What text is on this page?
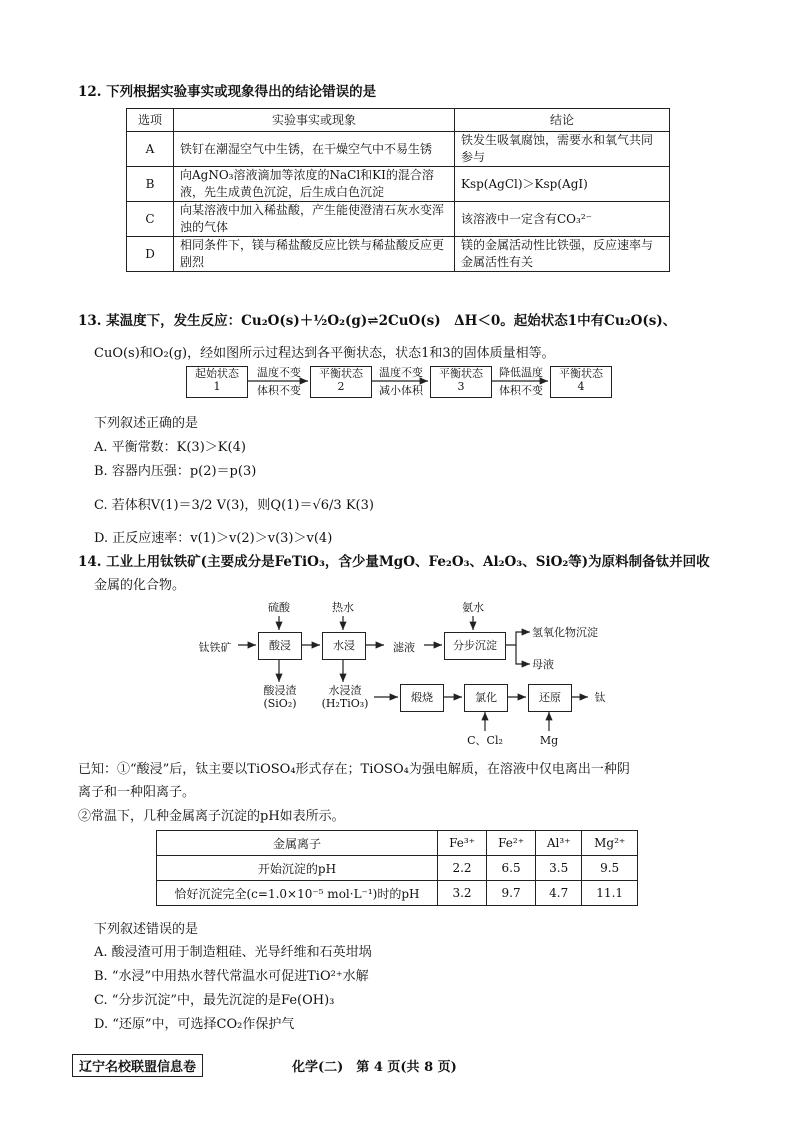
12. 下列根据实验事实或现象得出的结论错误的是
选项	实验事实或现象	结论
A	铁钉在潮湿空气中生锈，在干燥空气中不易生锈	铁发生吸氧腐蚀，需要水和氧气共同参与
B	向AgNO₃溶液滴加等浓度的NaCl和KI的混合溶液，先生成黄色沉淀，后生成白色沉淀	Ksp(AgCl)＞Ksp(AgI)
C	向某溶液中加入稀盐酸，产生能使澄清石灰水变浑浊的气体	该溶液中一定含有CO₃²⁻
D	相同条件下，镁与稀盐酸反应比铁与稀盐酸反应更剧烈	镁的金属活动性比铁强，反应速率与金属活性有关
13. 某温度下，发生反应：Cu₂O(s)＋½O₂(g)⇌2CuO(s)　ΔH＜0。起始状态1中有Cu₂O(s)、
CuO(s)和O₂(g)，经如图所示过程达到各平衡状态，状态1和3的固体质量相等。
起始状态
1
温度不变
体积不变
平衡状态
2
温度不变
减小体积
平衡状态
3
降低温度
体积不变
平衡状态
4
下列叙述正确的是
A. 平衡常数：K(3)＞K(4)
B. 容器内压强：p(2)＝p(3)
C. 若体积V(1)＝3/2 V(3)，则Q(1)＝√6/3 K(3)
D. 正反应速率：v(1)＞v(2)＞v(3)＞v(4)
14. 工业上用钛铁矿(主要成分是FeTiO₃，含少量MgO、Fe₂O₃、Al₂O₃、SiO₂等)为原料制备钛并回收
金属的化合物。
硫酸	热水	氨水
钛铁矿	酸浸	水浸	滤液	分步沉淀
氢氧化物沉淀
母液
酸浸渣
(SiO₂)
水浸渣
(H₂TiO₃)	煅烧	氯化	还原	钛
C、Cl₂	Mg
已知：①“酸浸”后，钛主要以TiOSO₄形式存在；TiOSO₄为强电解质，在溶液中仅电离出一种阴
离子和一种阳离子。
②常温下，几种金属离子沉淀的pH如表所示。
金属离子	Fe³⁺	Fe²⁺	Al³⁺	Mg²⁺
开始沉淀的pH	2.2	6.5	3.5	9.5
恰好沉淀完全(c=1.0×10⁻⁵ mol·L⁻¹)时的pH	3.2	9.7	4.7	11.1
下列叙述错误的是
A. 酸浸渣可用于制造粗硅、光导纤维和石英坩埚
B. “水浸”中用热水替代常温水可促进TiO²⁺水解
C. “分步沉淀”中，最先沉淀的是Fe(OH)₃
D. “还原”中，可选择CO₂作保护气
辽宁名校联盟信息卷	化学(二)　第 4 页(共 8 页)
